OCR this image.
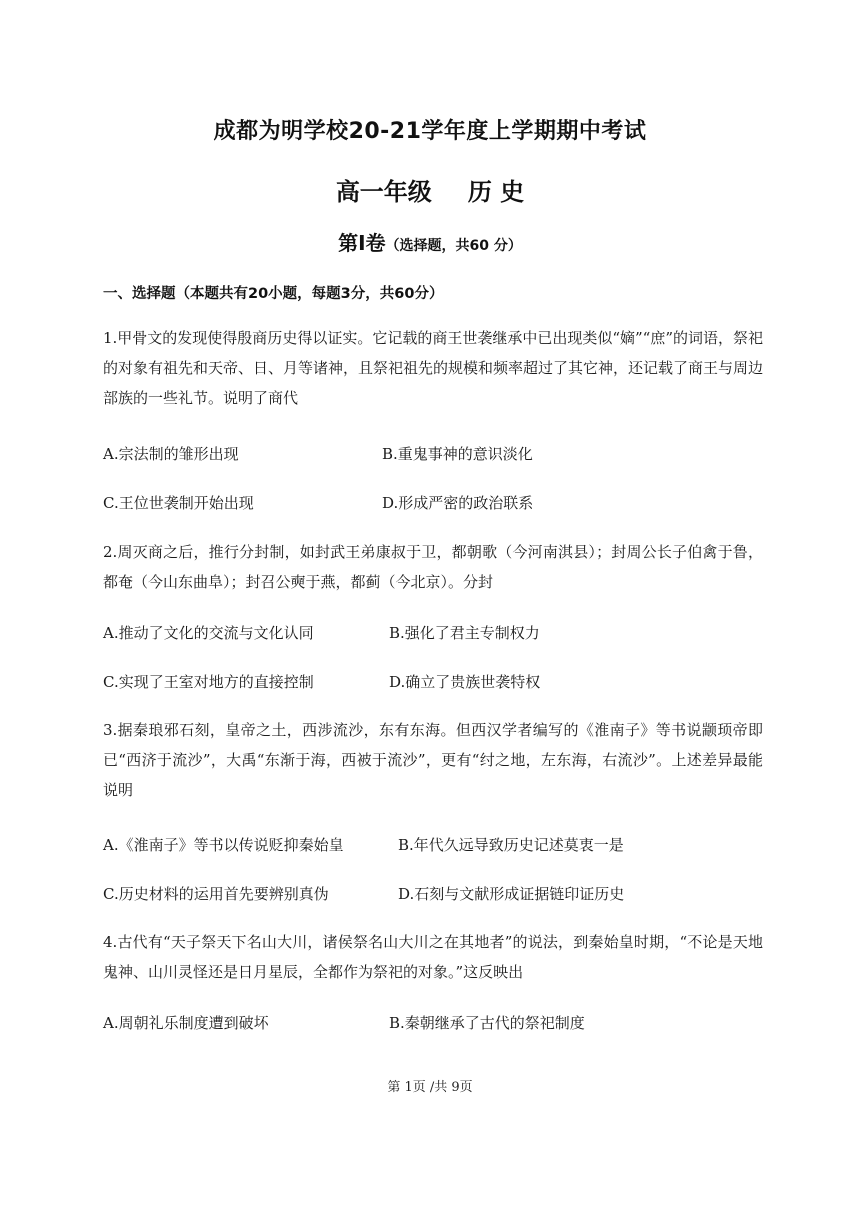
成都为明学校20-21学年度上学期期中考试
高一年级 历 史
第Ⅰ卷（选择题，共60 分）
一、选择题（本题共有20小题，每题3分，共60分）
1.甲骨文的发现使得殷商历史得以证实。它记载的商王世袭继承中已出现类似“嫡”“庶”的词语，祭祀的对象有祖先和天帝、日、月等诸神，且祭祀祖先的规模和频率超过了其它神，还记载了商王与周边部族的一些礼节。说明了商代
A.宗法制的雏形出现	B.重鬼事神的意识淡化
C.王位世袭制开始出现	D.形成严密的政治联系
2.周灭商之后，推行分封制，如封武王弟康叔于卫，都朝歌（今河南淇县）；封周公长子伯禽于鲁，都奄（今山东曲阜）；封召公奭于燕，都蓟（今北京）。分封
A.推动了文化的交流与文化认同	B.强化了君主专制权力
C.实现了王室对地方的直接控制	D.确立了贵族世袭特权
3.据秦琅邪石刻，皇帝之土，西涉流沙，东有东海。但西汉学者编写的《淮南子》等书说颛顼帝即已“西济于流沙”，大禹“东渐于海，西被于流沙”，更有“纣之地，左东海，右流沙”。上述差异最能说明
A.《淮南子》等书以传说贬抑秦始皇	B.年代久远导致历史记述莫衷一是
C.历史材料的运用首先要辨别真伪	D.石刻与文献形成证据链印证历史
4.古代有“天子祭天下名山大川，诸侯祭名山大川之在其地者”的说法，到秦始皇时期，“不论是天地鬼神、山川灵怪还是日月星辰，全都作为祭祀的对象。”这反映出
A.周朝礼乐制度遭到破坏	B.秦朝继承了古代的祭祀制度
第 1页 /共 9页
